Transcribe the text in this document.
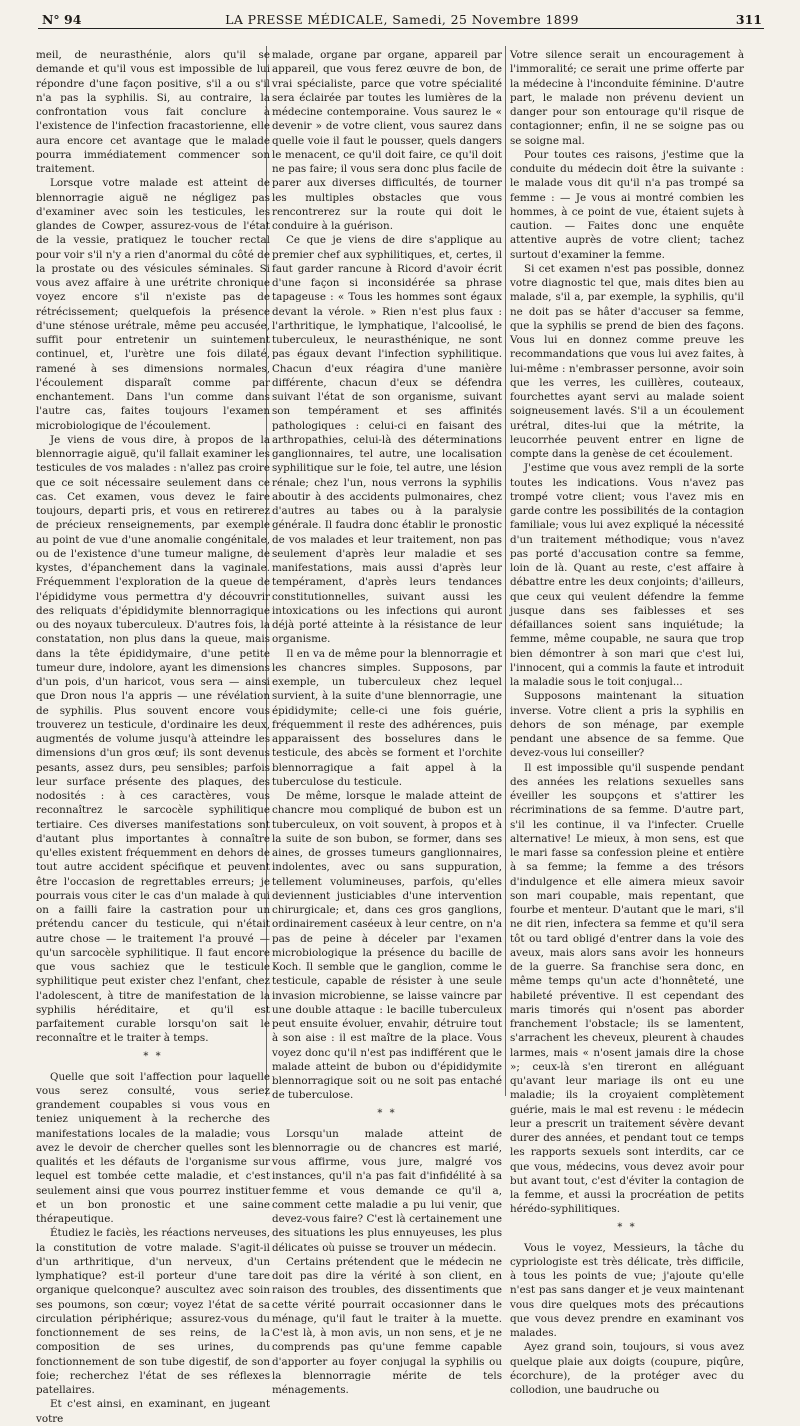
N° 94	LA PRESSE MÉDICALE, Samedi, 25 Novembre 1899	311

meil, de neurasthénie, alors qu'il se demande et qu'il vous est impossible de lui répondre d'une façon positive, s'il a ou s'il n'a pas la syphilis. Si, au contraire, la confrontation vous fait conclure à l'existence de l'infection fracastorienne, elle aura encore cet avantage que le malade pourra immédiatement commencer son traitement.

Lorsque votre malade est atteint de blennorragie aiguë ne négligez pas d'examiner avec soin les testicules, les glandes de Cowper, assurez-vous de l'état de la vessie, pratiquez le toucher rectal pour voir s'il n'y a rien d'anormal du côté de la prostate ou des vésicules séminales. Si vous avez affaire à une urétrite chronique voyez encore s'il n'existe pas de rétrécissement; quelquefois la présence d'une sténose urétrale, même peu accusée, suffit pour entretenir un suintement continuel, et, l'urètre une fois dilaté, ramené à ses dimensions normales, l'écoulement disparaît comme par enchantement. Dans l'un comme dans l'autre cas, faites toujours l'examen microbiologique de l'écoulement.

Je viens de vous dire, à propos de la blennorragie aiguë, qu'il fallait examiner les testicules de vos malades : n'allez pas croire que ce soit nécessaire seulement dans ce cas. Cet examen, vous devez le faire toujours, departi pris, et vous en retirerez de précieux renseignements, par exemple au point de vue d'une anomalie congénitale, ou de l'existence d'une tumeur maligne, de kystes, d'épanchement dans la vaginale. Fréquemment l'exploration de la queue de l'épididyme vous permettra d'y découvrir des reliquats d'épididymite blennorragique ou des noyaux tuberculeux. D'autres fois, la constatation, non plus dans la queue, mais dans la tête épididymaire, d'une petite tumeur dure, indolore, ayant les dimensions d'un pois, d'un haricot, vous sera — ainsi que Dron nous l'a appris — une révélation de syphilis. Plus souvent encore vous trouverez un testicule, d'ordinaire les deux, augmentés de volume jusqu'à atteindre les dimensions d'un gros œuf; ils sont devenus pesants, assez durs, peu sensibles; parfois leur surface présente des plaques, des nodosités : à ces caractères, vous reconnaîtrez le sarcocèle syphilitique tertiaire. Ces diverses manifestations sont d'autant plus importantes à connaître qu'elles existent fréquemment en dehors de tout autre accident spécifique et peuvent être l'occasion de regrettables erreurs; je pourrais vous citer le cas d'un malade à qui on a failli faire la castration pour un prétendu cancer du testicule, qui n'était autre chose — le traitement l'a prouvé — qu'un sarcocèle syphilitique. Il faut encore que vous sachiez que le testicule syphilitique peut exister chez l'enfant, chez l'adolescent, à titre de manifestation de la syphilis héréditaire, et qu'il est parfaitement curable lorsqu'on sait le reconnaître et le traiter à temps.

* *

Quelle que soit l'affection pour laquelle vous serez consulté, vous seriez grandement coupables si vous vous en teniez uniquement à la recherche des manifestations locales de la maladie; vous avez le devoir de chercher quelles sont les qualités et les défauts de l'organisme sur lequel est tombée cette maladie, et c'est seulement ainsi que vous pourrez instituer et un bon pronostic et une saine thérapeutique.

Étudiez le faciès, les réactions nerveuses, la constitution de votre malade. S'agit-il d'un arthritique, d'un nerveux, d'un lymphatique? est-il porteur d'une tare organique quelconque? auscultez avec soin ses poumons, son cœur; voyez l'état de sa circulation périphérique; assurez-vous du fonctionnement de ses reins, de la composition de ses urines, du fonctionnement de son tube digestif, de son foie; recherchez l'état de ses réflexes patellaires.

Et c'est ainsi, en examinant, en jugeant votre

malade, organe par organe, appareil par appareil, que vous ferez œuvre de bon, de vrai spécialiste, parce que votre spécialité sera éclairée par toutes les lumières de la médecine contemporaine. Vous saurez le « devenir » de votre client, vous saurez dans quelle voie il faut le pousser, quels dangers le menacent, ce qu'il doit faire, ce qu'il doit ne pas faire; il vous sera donc plus facile de parer aux diverses difficultés, de tourner les multiples obstacles que vous rencontrerez sur la route qui doit le conduire à la guérison.

Ce que je viens de dire s'applique au premier chef aux syphilitiques, et, certes, il faut garder rancune à Ricord d'avoir écrit d'une façon si inconsidérée sa phrase tapageuse : « Tous les hommes sont égaux devant la vérole. » Rien n'est plus faux : l'arthritique, le lymphatique, l'alcoolisé, le tuberculeux, le neurasthénique, ne sont pas égaux devant l'infection syphilitique. Chacun d'eux réagira d'une manière différente, chacun d'eux se défendra suivant l'état de son organisme, suivant son tempérament et ses affinités pathologiques : celui-ci en faisant des arthropathies, celui-là des déterminations ganglionnaires, tel autre, une localisation syphilitique sur le foie, tel autre, une lésion rénale; chez l'un, nous verrons la syphilis aboutir à des accidents pulmonaires, chez d'autres au tabes ou à la paralysie générale. Il faudra donc établir le pronostic de vos malades et leur traitement, non pas seulement d'après leur maladie et ses manifestations, mais aussi d'après leur tempérament, d'après leurs tendances constitutionnelles, suivant aussi les intoxications ou les infections qui auront déjà porté atteinte à la résistance de leur organisme.

Il en va de même pour la blennorragie et les chancres simples. Supposons, par exemple, un tuberculeux chez lequel survient, à la suite d'une blennorragie, une épididymite; celle-ci une fois guérie, fréquemment il reste des adhérences, puis apparaissent des bosselures dans le testicule, des abcès se forment et l'orchite blennorragique a fait appel à la tuberculose du testicule.

De même, lorsque le malade atteint de chancre mou compliqué de bubon est un tuberculeux, on voit souvent, à propos et à la suite de son bubon, se former, dans ses aines, de grosses tumeurs ganglionnaires, indolentes, avec ou sans suppuration, tellement volumineuses, parfois, qu'elles deviennent justiciables d'une intervention chirurgicale; et, dans ces gros ganglions, ordinairement caséeux à leur centre, on n'a pas de peine à déceler par l'examen microbiologique la présence du bacille de Koch. Il semble que le ganglion, comme le testicule, capable de résister à une seule invasion microbienne, se laisse vaincre par une double attaque : le bacille tuberculeux peut ensuite évoluer, envahir, détruire tout à son aise : il est maître de la place. Vous voyez donc qu'il n'est pas indifférent que le malade atteint de bubon ou d'épididymite blennorragique soit ou ne soit pas entaché de tuberculose.

* *

Lorsqu'un malade atteint de blennorragie ou de chancres est marié, vous affirme, vous jure, malgré vos instances, qu'il n'a pas fait d'infidélité à sa femme et vous demande ce qu'il a, comment cette maladie a pu lui venir, que devez-vous faire? C'est là certainement une des situations les plus ennuyeuses, les plus délicates où puisse se trouver un médecin.

Certains prétendent que le médecin ne doit pas dire la vérité à son client, en raison des troubles, des dissentiments que cette vérité pourrait occasionner dans le ménage, qu'il faut le traiter à la muette. C'est là, à mon avis, un non sens, et je ne comprends pas qu'une femme capable d'apporter au foyer conjugal la syphilis ou la blennorragie mérite de tels ménagements.

Votre silence serait un encouragement à l'immoralité; ce serait une prime offerte par la médecine à l'inconduite féminine. D'autre part, le malade non prévenu devient un danger pour son entourage qu'il risque de contagionner; enfin, il ne se soigne pas ou se soigne mal.

Pour toutes ces raisons, j'estime que la conduite du médecin doit être la suivante : le malade vous dit qu'il n'a pas trompé sa femme : — Je vous ai montré combien les hommes, à ce point de vue, étaient sujets à caution. — Faites donc une enquête attentive auprès de votre client; tachez surtout d'examiner la femme.

Si cet examen n'est pas possible, donnez votre diagnostic tel que, mais dites bien au malade, s'il a, par exemple, la syphilis, qu'il ne doit pas se hâter d'accuser sa femme, que la syphilis se prend de bien des façons. Vous lui en donnez comme preuve les recommandations que vous lui avez faites, à lui-même : n'embrasser personne, avoir soin que les verres, les cuillères, couteaux, fourchettes ayant servi au malade soient soigneusement lavés. S'il a un écoulement urétral, dites-lui que la métrite, la leucorrhée peuvent entrer en ligne de compte dans la genèse de cet écoulement.

J'estime que vous avez rempli de la sorte toutes les indications. Vous n'avez pas trompé votre client; vous l'avez mis en garde contre les possibilités de la contagion familiale; vous lui avez expliqué la nécessité d'un traitement méthodique; vous n'avez pas porté d'accusation contre sa femme, loin de là. Quant au reste, c'est affaire à débattre entre les deux conjoints; d'ailleurs, que ceux qui veulent défendre la femme jusque dans ses faiblesses et ses défaillances soient sans inquiétude; la femme, même coupable, ne saura que trop bien démontrer à son mari que c'est lui, l'innocent, qui a commis la faute et introduit la maladie sous le toit conjugal...

Supposons maintenant la situation inverse. Votre client a pris la syphilis en dehors de son ménage, par exemple pendant une absence de sa femme. Que devez-vous lui conseiller?

Il est impossible qu'il suspende pendant des années les relations sexuelles sans éveiller les soupçons et s'attirer les récriminations de sa femme. D'autre part, s'il les continue, il va l'infecter. Cruelle alternative! Le mieux, à mon sens, est que le mari fasse sa confession pleine et entière à sa femme; la femme a des trésors d'indulgence et elle aimera mieux savoir son mari coupable, mais repentant, que fourbe et menteur. D'autant que le mari, s'il ne dit rien, infectera sa femme et qu'il sera tôt ou tard obligé d'entrer dans la voie des aveux, mais alors sans avoir les honneurs de la guerre. Sa franchise sera donc, en même temps qu'un acte d'honnêteté, une habileté préventive. Il est cependant des maris timorés qui n'osent pas aborder franchement l'obstacle; ils se lamentent, s'arrachent les cheveux, pleurent à chaudes larmes, mais « n'osent jamais dire la chose »; ceux-là s'en tireront en alléguant qu'avant leur mariage ils ont eu une maladie; ils la croyaient complètement guérie, mais le mal est revenu : le médecin leur a prescrit un traitement sévère devant durer des années, et pendant tout ce temps les rapports sexuels sont interdits, car ce que vous, médecins, vous devez avoir pour but avant tout, c'est d'éviter la contagion de la femme, et aussi la procréation de petits hérédo-syphilitiques.

* *

Vous le voyez, Messieurs, la tâche du cypriologiste est très délicate, très difficile, à tous les points de vue; j'ajoute qu'elle n'est pas sans danger et je veux maintenant vous dire quelques mots des précautions que vous devez prendre en examinant vos malades.

Ayez grand soin, toujours, si vous avez quelque plaie aux doigts (coupure, piqûre, écorchure), de la protéger avec du collodion, une baudruche ou
